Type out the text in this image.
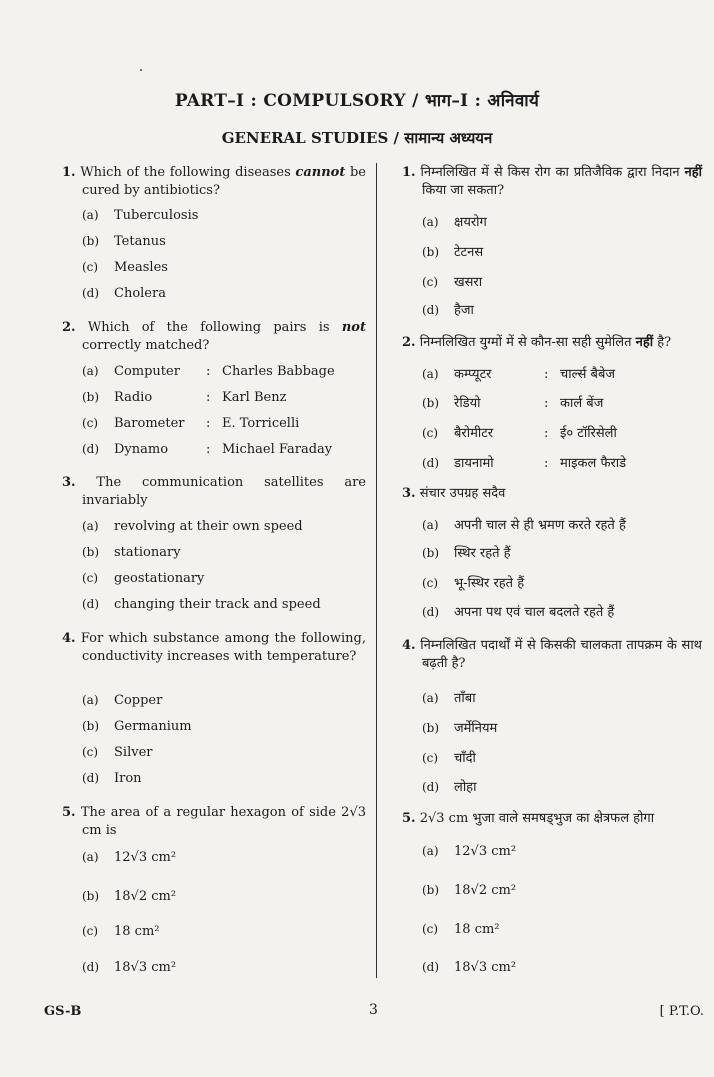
PART–I : COMPULSORY / भाग–I : अनिवार्य
GENERAL STUDIES / सामान्य अध्ययन
1. Which of the following diseases cannot be cured by antibiotics?
(a) Tuberculosis
(b) Tetanus
(c) Measles
(d) Cholera
2. Which of the following pairs is not correctly matched?
(a) Computer : Charles Babbage
(b) Radio	: Karl Benz
(c) Barometer : E. Torricelli
(d) Dynamo	: Michael Faraday
3. The communication satellites are invariably
(a) revolving at their own speed
(b) stationary
(c) geostationary
(d) changing their track and speed
4. For which substance among the following, conductivity increases with temperature?
(a) Copper
(b) Germanium
(c) Silver
(d) Iron
5. The area of a regular hexagon of side 2√3 cm is
(a) 12√3 cm²
(b) 18√2 cm²
(c) 18 cm²
(d) 18√3 cm²
1. निम्नलिखित में से किस रोग का प्रतिजैविक द्वारा निदान नहीं किया जा सकता?
(a) क्षयरोग
(b) टेटनस
(c) खसरा
(d) हैजा
2. निम्नलिखित युग्मों में से कौन-सा सही सुमेलित नहीं है?
(a) कम्प्यूटर	: चार्ल्स बैबेज
(b) रेडियो	: कार्ल बेंज
(c) बैरोमीटर	: ई० टॉरिसेली
(d) डायनामो	: माइकल फैराडे
3. संचार उपग्रह सदैव
(a) अपनी चाल से ही भ्रमण करते रहते हैं
(b) स्थिर रहते हैं
(c) भू-स्थिर रहते हैं
(d) अपना पथ एवं चाल बदलते रहते हैं
4. निम्नलिखित पदार्थों में से किसकी चालकता तापक्रम के साथ बढ़ती है?
(a) ताँबा
(b) जर्मेनियम
(c) चाँदी
(d) लोहा
5. 2√3 cm भुजा वाले समषड्भुज का क्षेत्रफल होगा
(a) 12√3 cm²
(b) 18√2 cm²
(c) 18 cm²
(d) 18√3 cm²
GS-B	3	[ P.T.O.
